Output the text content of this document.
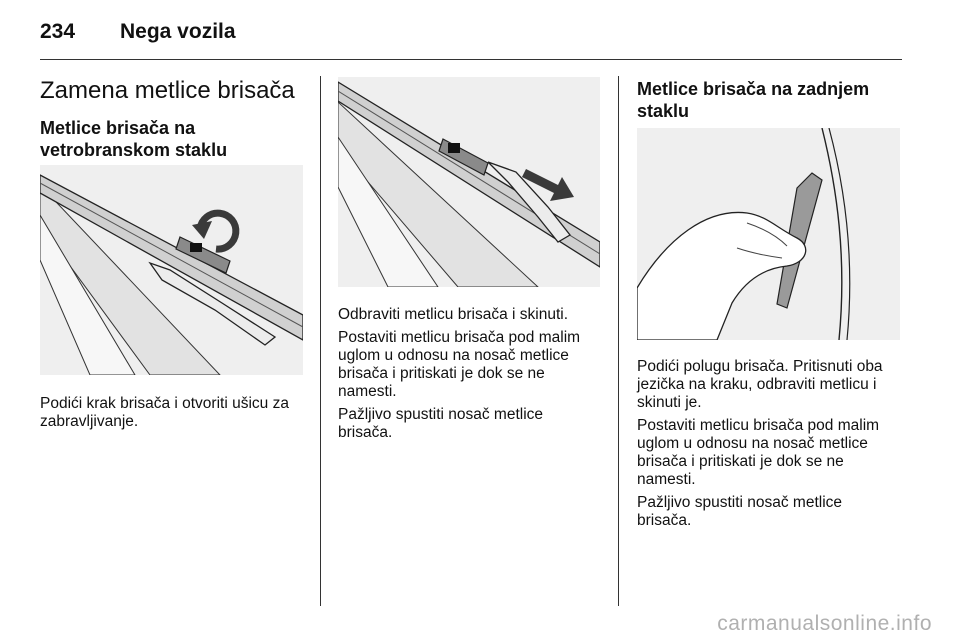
234 Nega vozila
Zamena metlice brisača
Metlice brisača na
vetrobranskom staklu
Podići krak brisača i otvoriti ušicu za zabravljivanje.
Odbraviti metlicu brisača i skinuti.
Postaviti metlicu brisača pod malim uglom u odnosu na nosač metlice brisača i pritiskati je dok se ne namesti.
Pažljivo spustiti nosač metlice brisača.
Metlice brisača na zadnjem
staklu
Podići polugu brisača. Pritisnuti oba jezička na kraku, odbraviti metlicu i skinuti je.
Postaviti metlicu brisača pod malim uglom u odnosu na nosač metlice brisača i pritiskati je dok se ne namesti.
Pažljivo spustiti nosač metlice brisača.
carmanualsonline.info
